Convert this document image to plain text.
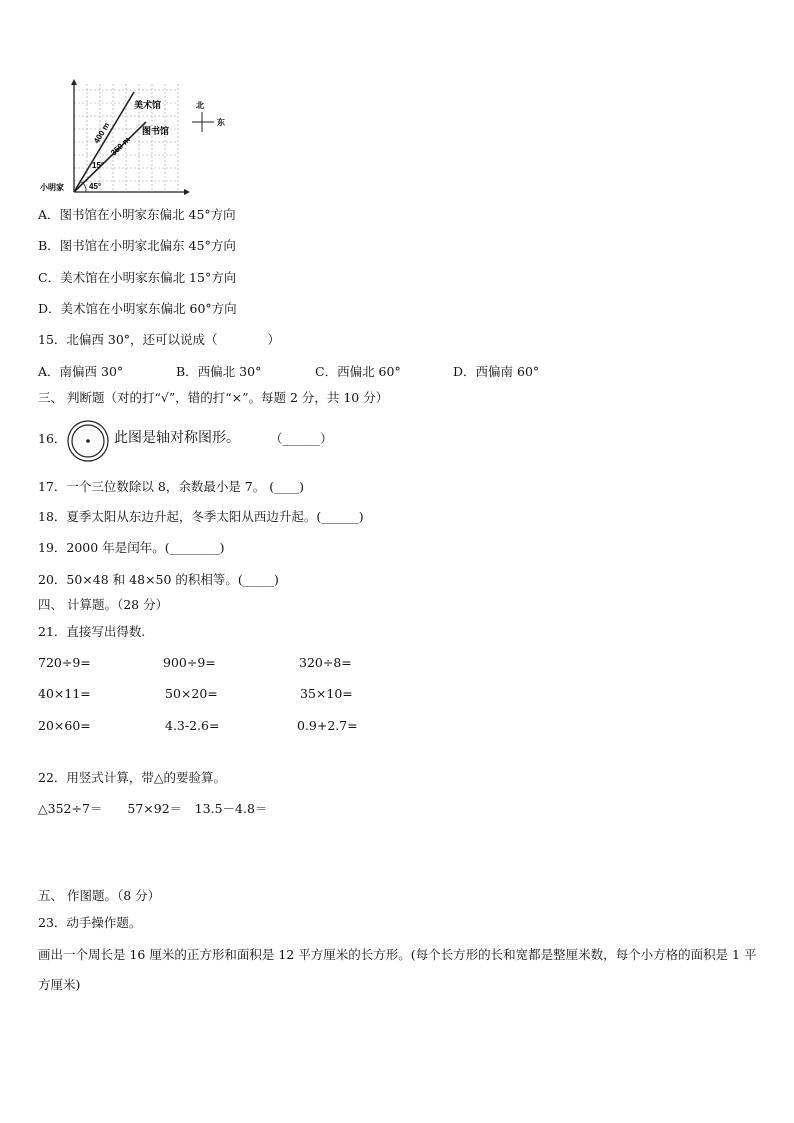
美术馆
图书馆
400 m
350 m
15°
45°
小明家
北
东
A．图书馆在小明家东偏北 45°方向
B．图书馆在小明家北偏东 45°方向
C．美术馆在小明家东偏北 15°方向
D．美术馆在小明家东偏北 60°方向
15．北偏西 30°，还可以说成（　　　　）
A．南偏西 30°	B．西偏北 30°	C．西偏北 60°	D．西偏南 60°
三、 判断题（对的打“√”，错的打“×”。每题 2 分，共 10 分）
16．	此图是轴对称图形。 （______）
17．一个三位数除以 8，余数最小是 7。 (____)
18．夏季太阳从东边升起，冬季太阳从西边升起。(______)
19．2000 年是闰年。(________)
20．50×48 和 48×50 的积相等。(_____)
四、 计算题。（28 分）
21．直接写出得数.
720÷9=	900÷9=	320÷8=
40×11=	50×20=	35×10=
20×60=	4.3-2.6=	0.9+2.7=
22．用竖式计算，带△的要验算。
△352÷7＝　　57×92＝　13.5－4.8＝
五、 作图题。（8 分）
23．动手操作题。
画出一个周长是 16 厘米的正方形和面积是 12 平方厘米的长方形。(每个长方形的长和宽都是整厘米数，每个小方格的面积是 1 平方厘米)
